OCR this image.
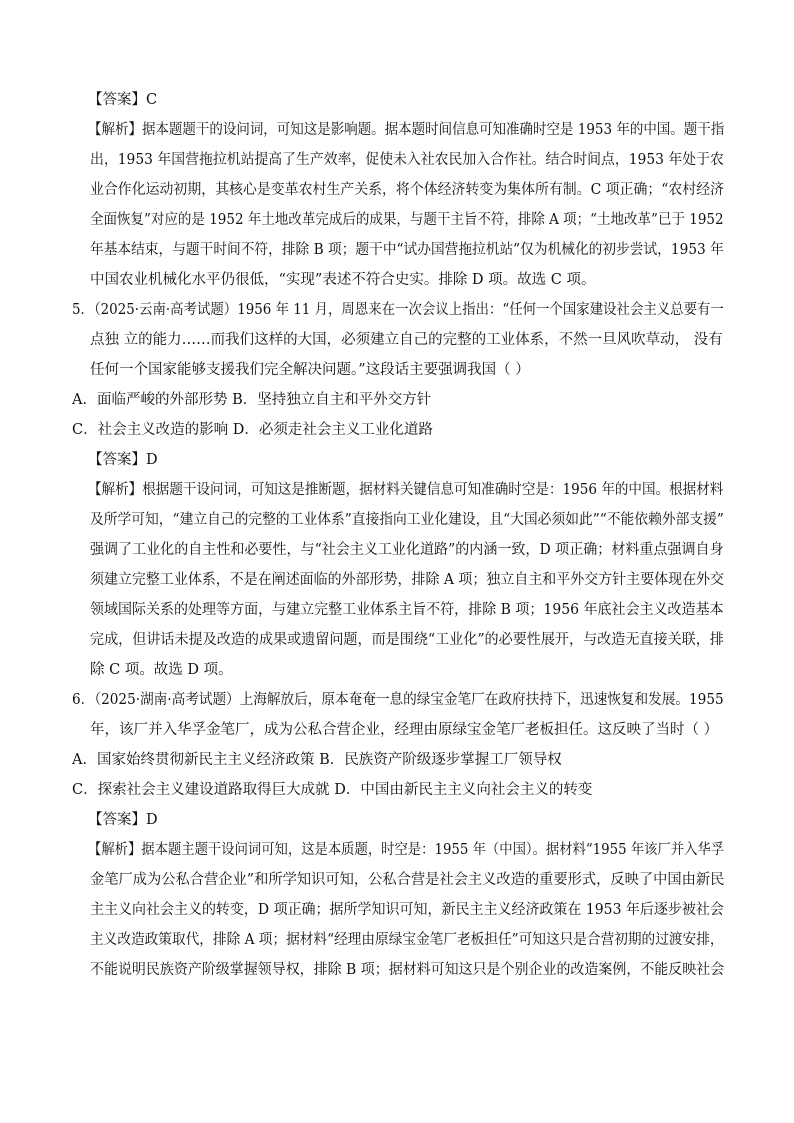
【答案】C
【解析】据本题题干的设问词，可知这是影响题。据本题时间信息可知准确时空是 1953 年的中国。题干指
出，1953 年国营拖拉机站提高了生产效率，促使未入社农民加入合作社。结合时间点，1953 年处于农
业合作化运动初期，其核心是变革农村生产关系，将个体经济转变为集体所有制。C 项正确；“农村经济
全面恢复”对应的是 1952 年土地改革完成后的成果，与题干主旨不符，排除 A 项；“土地改革”已于 1952
年基本结束，与题干时间不符，排除 B 项；题干中“试办国营拖拉机站”仅为机械化的初步尝试，1953 年
中国农业机械化水平仍很低，“实现”表述不符合史实。排除 D 项。故选 C 项。
5．（2025·云南·高考试题）1956 年 11 月，周恩来在一次会议上指出：“任何一个国家建设社会主义总要有一
点独 立的能力……而我们这样的大国，必须建立自己的完整的工业体系，不然一旦风吹草动， 没有
任何一个国家能够支援我们完全解决问题。”这段话主要强调我国（ ）
A．面临严峻的外部形势 B．坚持独立自主和平外交方针
C．社会主义改造的影响 D．必须走社会主义工业化道路
【答案】D
【解析】根据题干设问词，可知这是推断题，据材料关键信息可知准确时空是：1956 年的中国。根据材料
及所学可知，“建立自己的完整的工业体系”直接指向工业化建设，且“大国必须如此”“不能依赖外部支援”
强调了工业化的自主性和必要性，与“社会主义工业化道路”的内涵一致，D 项正确；材料重点强调自身
须建立完整工业体系，不是在阐述面临的外部形势，排除 A 项；独立自主和平外交方针主要体现在外交
领域国际关系的处理等方面，与建立完整工业体系主旨不符，排除 B 项；1956 年底社会主义改造基本
完成，但讲话未提及改造的成果或遗留问题，而是围绕“工业化”的必要性展开，与改造无直接关联，排
除 C 项。故选 D 项。
6．（2025·湖南·高考试题）上海解放后，原本奄奄一息的绿宝金笔厂在政府扶持下，迅速恢复和发展。1955
年，该厂并入华孚金笔厂，成为公私合营企业，经理由原绿宝金笔厂老板担任。这反映了当时（ ）
A．国家始终贯彻新民主主义经济政策 B．民族资产阶级逐步掌握工厂领导权
C．探索社会主义建设道路取得巨大成就 D．中国由新民主主义向社会主义的转变
【答案】D
【解析】据本题主题干设问词可知，这是本质题，时空是：1955 年（中国）。据材料“1955 年该厂并入华孚
金笔厂成为公私合营企业”和所学知识可知，公私合营是社会主义改造的重要形式，反映了中国由新民
主主义向社会主义的转变，D 项正确；据所学知识可知，新民主主义经济政策在 1953 年后逐步被社会
主义改造政策取代，排除 A 项；据材料“经理由原绿宝金笔厂老板担任”可知这只是合营初期的过渡安排，
不能说明民族资产阶级掌握领导权，排除 B 项；据材料可知这只是个别企业的改造案例，不能反映社会
